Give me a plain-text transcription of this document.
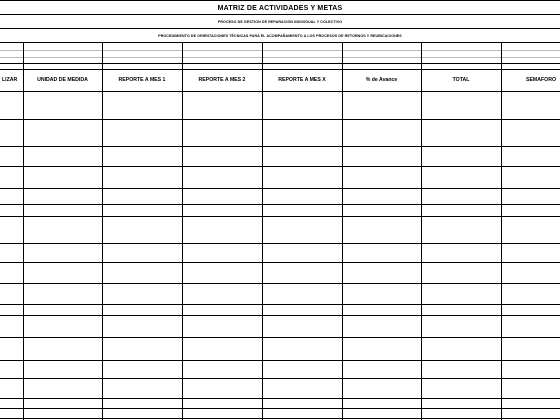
MATRIZ DE ACTIVIDADES Y METAS
PROCESO DE GESTION DE REPARACIÓN INDIVIDUAL Y COLECTIVO
PROCEDIMIENTO DE ORIENTACIONES TÉCNICAS PARA EL ACOMPAÑAMIENTO A LOS PROCESOS DE RETORNOS Y REUBICACIONES
LIZAR	UNIDAD DE MEDIDA	REPORTE A MES 1	REPORTE A MES 2	REPORTE A MES X	% de Avance	TOTAL	SEMAFORO
